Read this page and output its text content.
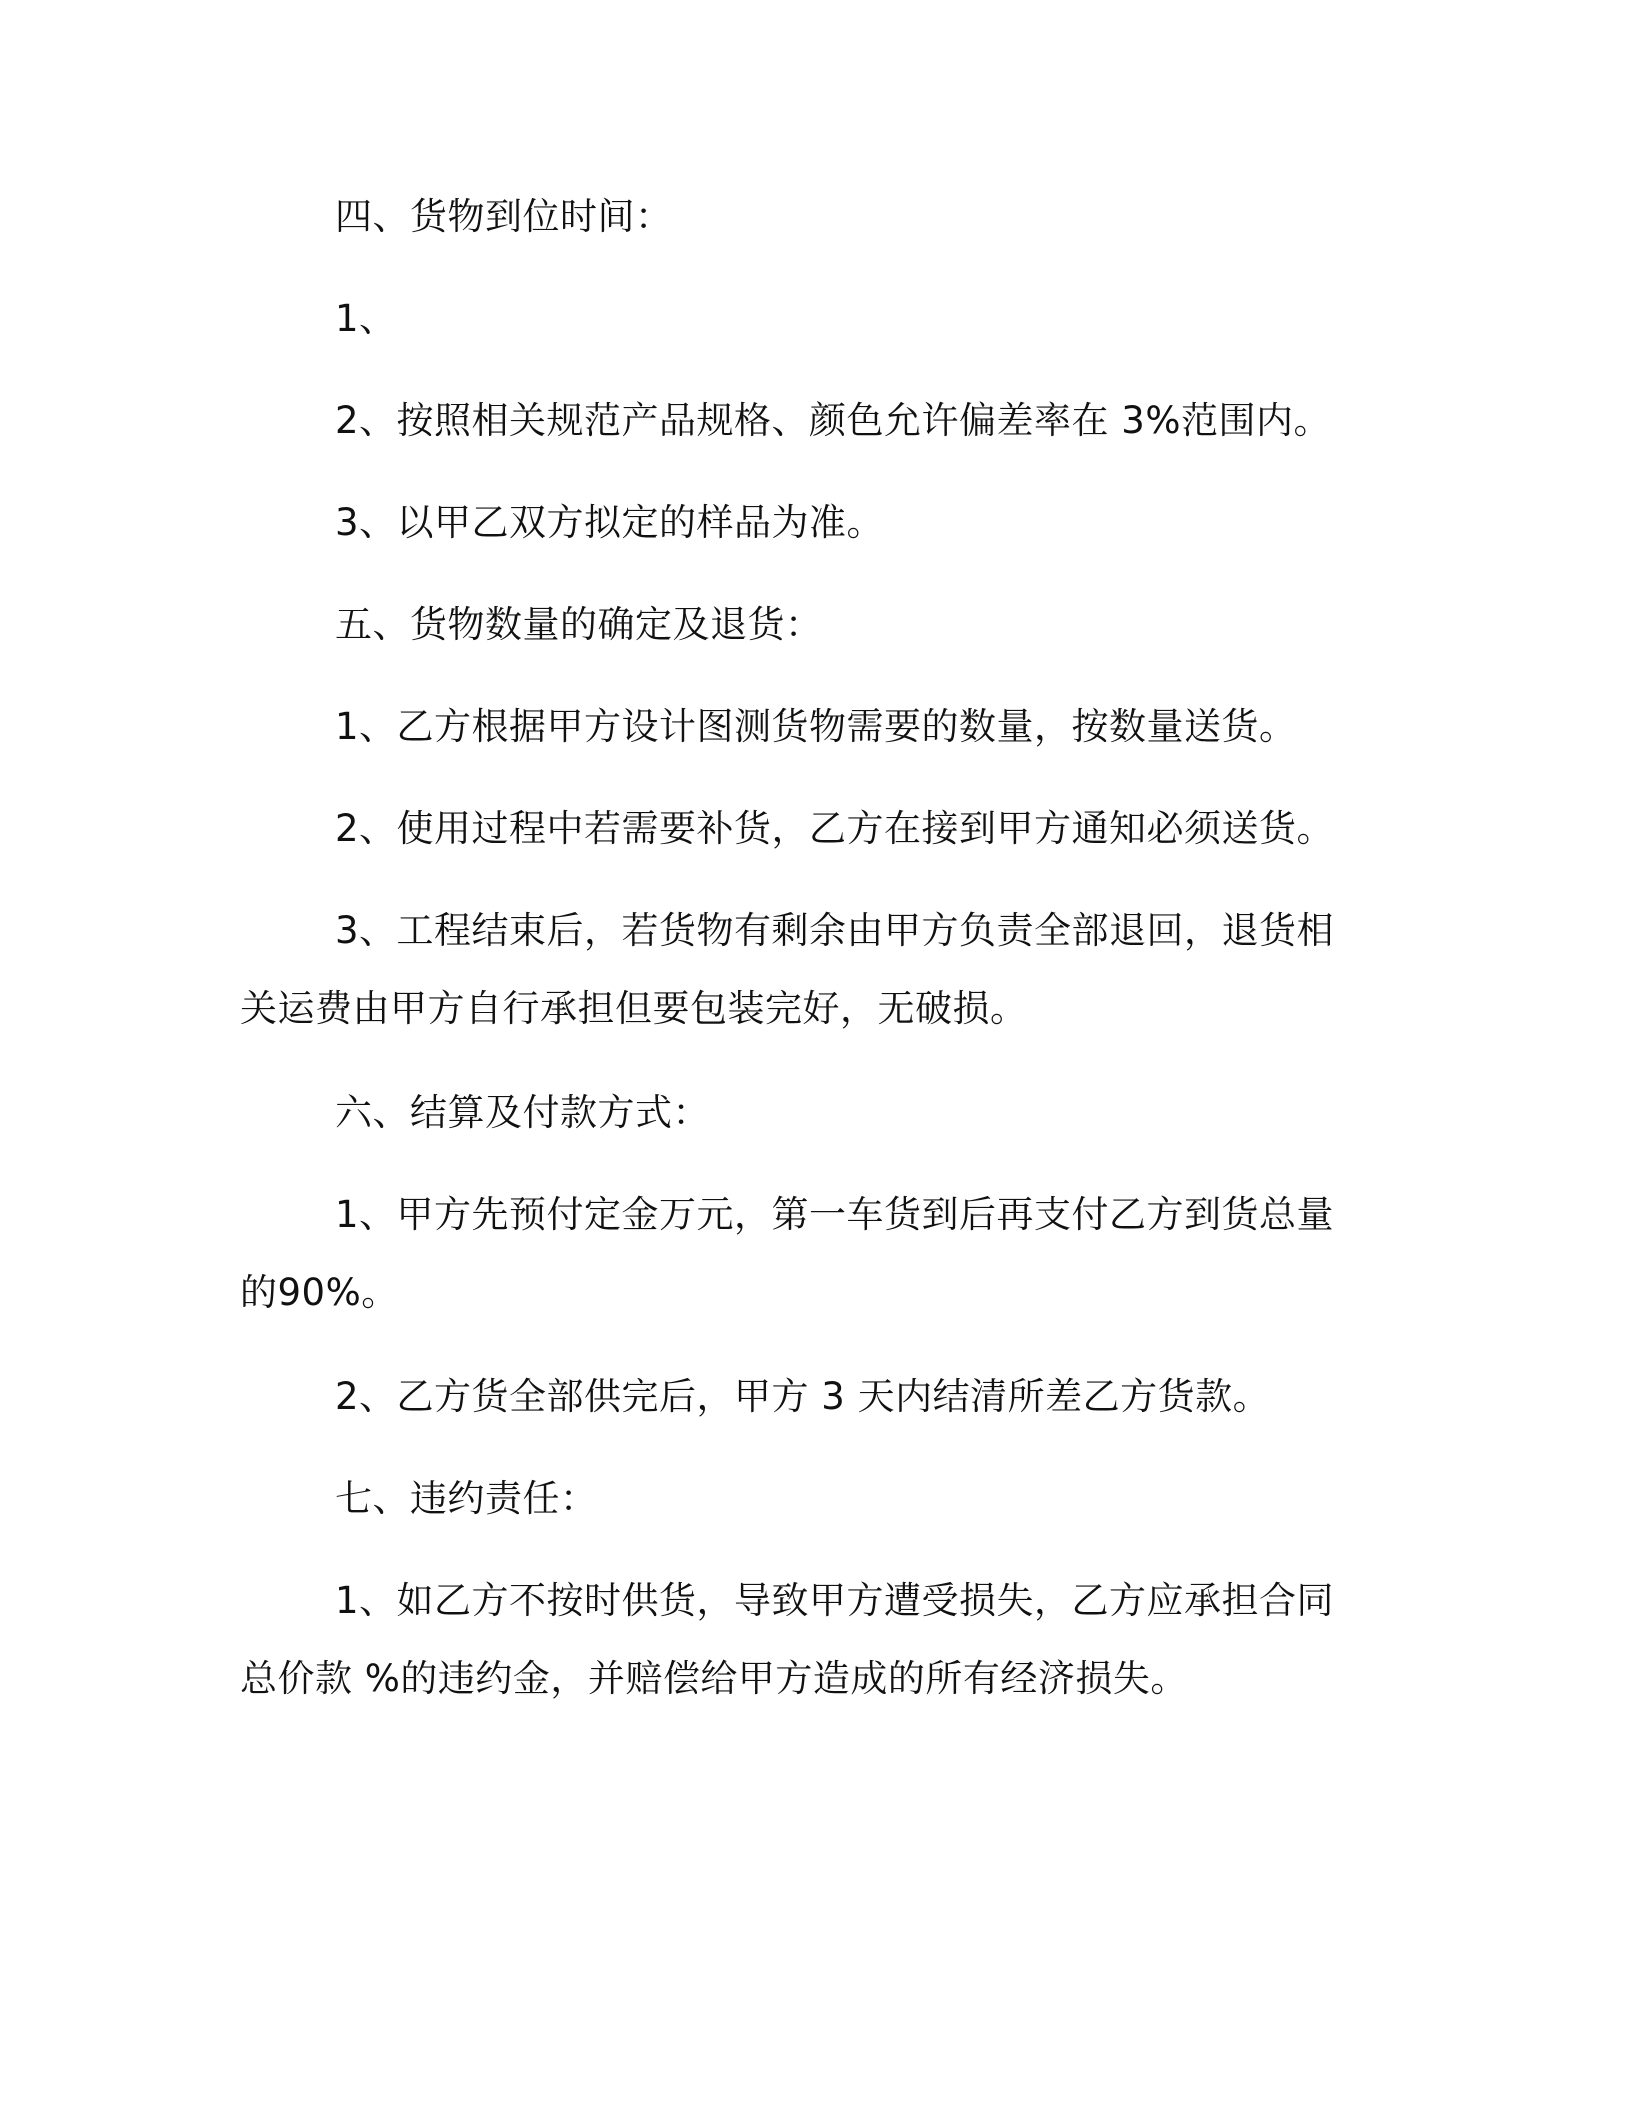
四、货物到位时间：

1、

2、按照相关规范产品规格、颜色允许偏差率在 3%范围内。

3、以甲乙双方拟定的样品为准。

五、货物数量的确定及退货：

1、乙方根据甲方设计图测货物需要的数量，按数量送货。

2、使用过程中若需要补货，乙方在接到甲方通知必须送货。

3、工程结束后，若货物有剩余由甲方负责全部退回，退货相关运费由甲方自行承担但要包装完好，无破损。

六、结算及付款方式：

1、甲方先预付定金万元，第一车货到后再支付乙方到货总量的90%。

2、乙方货全部供完后，甲方 3 天内结清所差乙方货款。

七、违约责任：

1、如乙方不按时供货，导致甲方遭受损失，乙方应承担合同总价款 %的违约金，并赔偿给甲方造成的所有经济损失。
